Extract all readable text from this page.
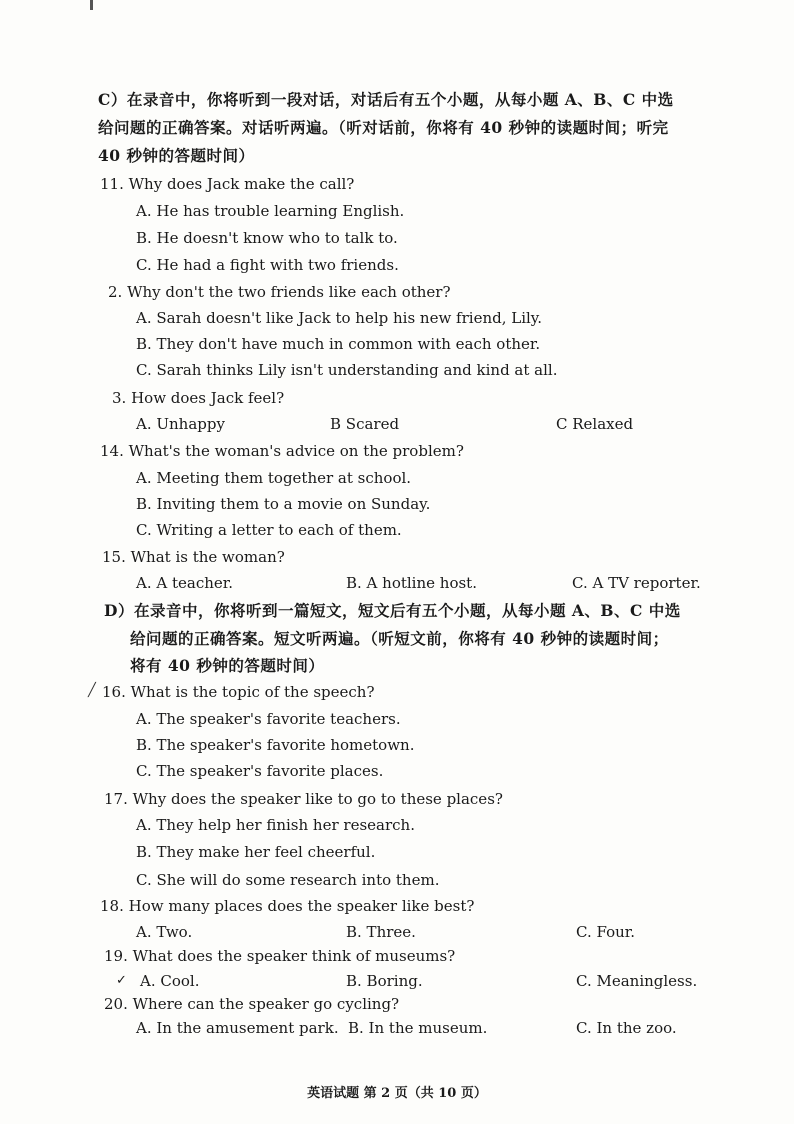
C）在录音中，你将听到一段对话，对话后有五个小题，从每小题 A、B、C 中选
给问题的正确答案。对话听两遍。（听对话前，你将有 40 秒钟的读题时间；听完
40 秒钟的答题时间）
11. Why does Jack make the call?
A. He has trouble learning English.
B. He doesn't know who to talk to.
C. He had a fight with two friends.
2. Why don't the two friends like each other?
A. Sarah doesn't like Jack to help his new friend, Lily.
B. They don't have much in common with each other.
C. Sarah thinks Lily isn't understanding and kind at all.
3. How does Jack feel?
A. Unhappy	B Scared	C Relaxed
14. What's the woman's advice on the problem?
A. Meeting them together at school.
B. Inviting them to a movie on Sunday.
C. Writing a letter to each of them.
15. What is the woman?
A. A teacher.	B. A hotline host.	C. A TV reporter.
D）在录音中，你将听到一篇短文，短文后有五个小题，从每小题 A、B、C 中选
给问题的正确答案。短文听两遍。（听短文前，你将有 40 秒钟的读题时间；
将有 40 秒钟的答题时间）
╱ 16. What is the topic of the speech?
A. The speaker's favorite teachers.
B. The speaker's favorite hometown.
C. The speaker's favorite places.
17. Why does the speaker like to go to these places?
A. They help her finish her research.
B. They make her feel cheerful.
C. She will do some research into them.
18. How many places does the speaker like best?
A. Two.	B. Three.	C. Four.
19. What does the speaker think of museums?
✓ A. Cool.	B. Boring.	C. Meaningless.
20. Where can the speaker go cycling?
A. In the amusement park. B. In the museum.	C. In the zoo.
英语试题 第 2 页（共 10 页）
